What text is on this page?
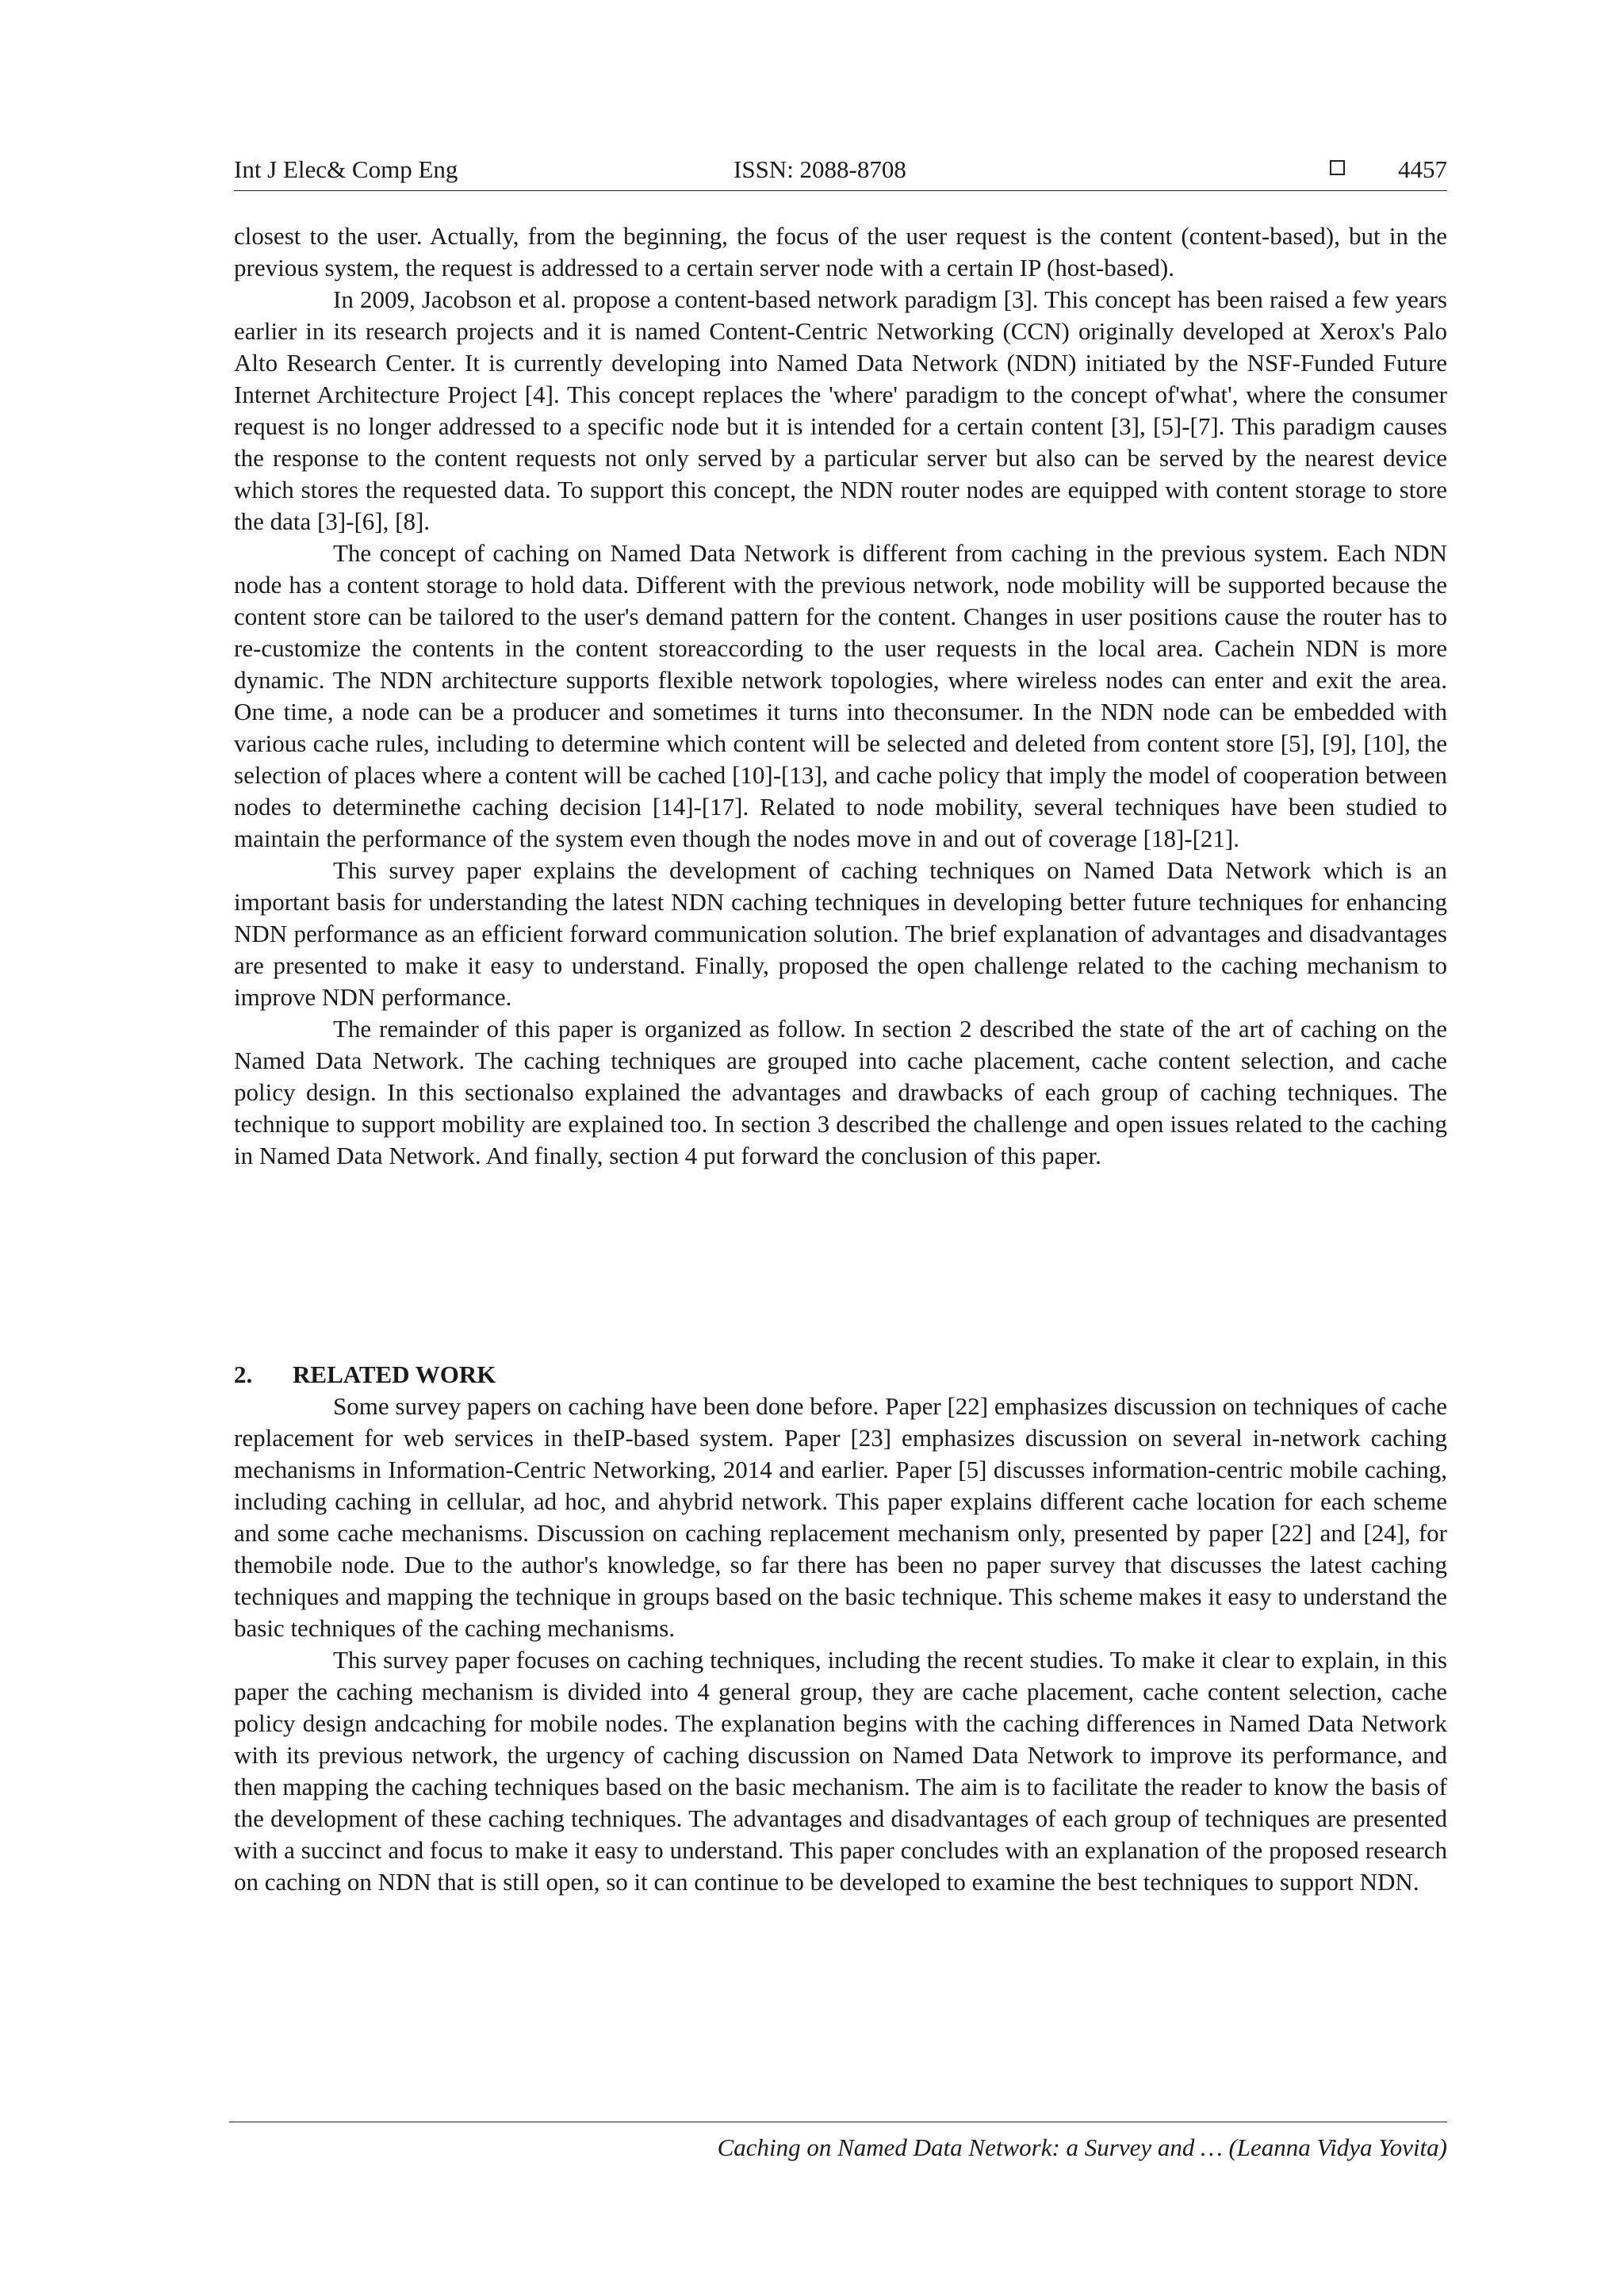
Int J Elec& Comp Eng	ISSN: 2088-8708	4457

closest to the user. Actually, from the beginning, the focus of the user request is the content (content-based), but in the previous system, the request is addressed to a certain server node with a certain IP (host-based).

In 2009, Jacobson et al. propose a content-based network paradigm [3]. This concept has been raised a few years earlier in its research projects and it is named Content-Centric Networking (CCN) originally developed at Xerox's Palo Alto Research Center. It is currently developing into Named Data Network (NDN) initiated by the NSF-Funded Future Internet Architecture Project [4]. This concept replaces the 'where' paradigm to the concept of'what', where the consumer request is no longer addressed to a specific node but it is intended for a certain content [3], [5]-[7]. This paradigm causes the response to the content requests not only served by a particular server but also can be served by the nearest device which stores the requested data. To support this concept, the NDN router nodes are equipped with content storage to store the data [3]-[6], [8].

The concept of caching on Named Data Network is different from caching in the previous system. Each NDN node has a content storage to hold data. Different with the previous network, node mobility will be supported because the content store can be tailored to the user's demand pattern for the content. Changes in user positions cause the router has to re-customize the contents in the content storeaccording to the user requests in the local area. Cachein NDN is more dynamic. The NDN architecture supports flexible network topologies, where wireless nodes can enter and exit the area. One time, a node can be a producer and sometimes it turns into theconsumer. In the NDN node can be embedded with various cache rules, including to determine which content will be selected and deleted from content store [5], [9], [10], the selection of places where a content will be cached [10]-[13], and cache policy that imply the model of cooperation between nodes to determinethe caching decision [14]-[17]. Related to node mobility, several techniques have been studied to maintain the performance of the system even though the nodes move in and out of coverage [18]-[21].

This survey paper explains the development of caching techniques on Named Data Network which is an important basis for understanding the latest NDN caching techniques in developing better future techniques for enhancing NDN performance as an efficient forward communication solution. The brief explanation of advantages and disadvantages are presented to make it easy to understand. Finally, proposed the open challenge related to the caching mechanism to improve NDN performance.

The remainder of this paper is organized as follow. In section 2 described the state of the art of caching on the Named Data Network. The caching techniques are grouped into cache placement, cache content selection, and cache policy design. In this sectionalso explained the advantages and drawbacks of each group of caching techniques. The technique to support mobility are explained too. In section 3 described the challenge and open issues related to the caching in Named Data Network. And finally, section 4 put forward the conclusion of this paper.

2. RELATED WORK

Some survey papers on caching have been done before. Paper [22] emphasizes discussion on techniques of cache replacement for web services in theIP-based system. Paper [23] emphasizes discussion on several in-network caching mechanisms in Information-Centric Networking, 2014 and earlier. Paper [5] discusses information-centric mobile caching, including caching in cellular, ad hoc, and ahybrid network. This paper explains different cache location for each scheme and some cache mechanisms. Discussion on caching replacement mechanism only, presented by paper [22] and [24], for themobile node. Due to the author's knowledge, so far there has been no paper survey that discusses the latest caching techniques and mapping the technique in groups based on the basic technique. This scheme makes it easy to understand the basic techniques of the caching mechanisms.

This survey paper focuses on caching techniques, including the recent studies. To make it clear to explain, in this paper the caching mechanism is divided into 4 general group, they are cache placement, cache content selection, cache policy design andcaching for mobile nodes. The explanation begins with the caching differences in Named Data Network with its previous network, the urgency of caching discussion on Named Data Network to improve its performance, and then mapping the caching techniques based on the basic mechanism. The aim is to facilitate the reader to know the basis of the development of these caching techniques. The advantages and disadvantages of each group of techniques are presented with a succinct and focus to make it easy to understand. This paper concludes with an explanation of the proposed research on caching on NDN that is still open, so it can continue to be developed to examine the best techniques to support NDN.

Caching on Named Data Network: a Survey and … (Leanna Vidya Yovita)
